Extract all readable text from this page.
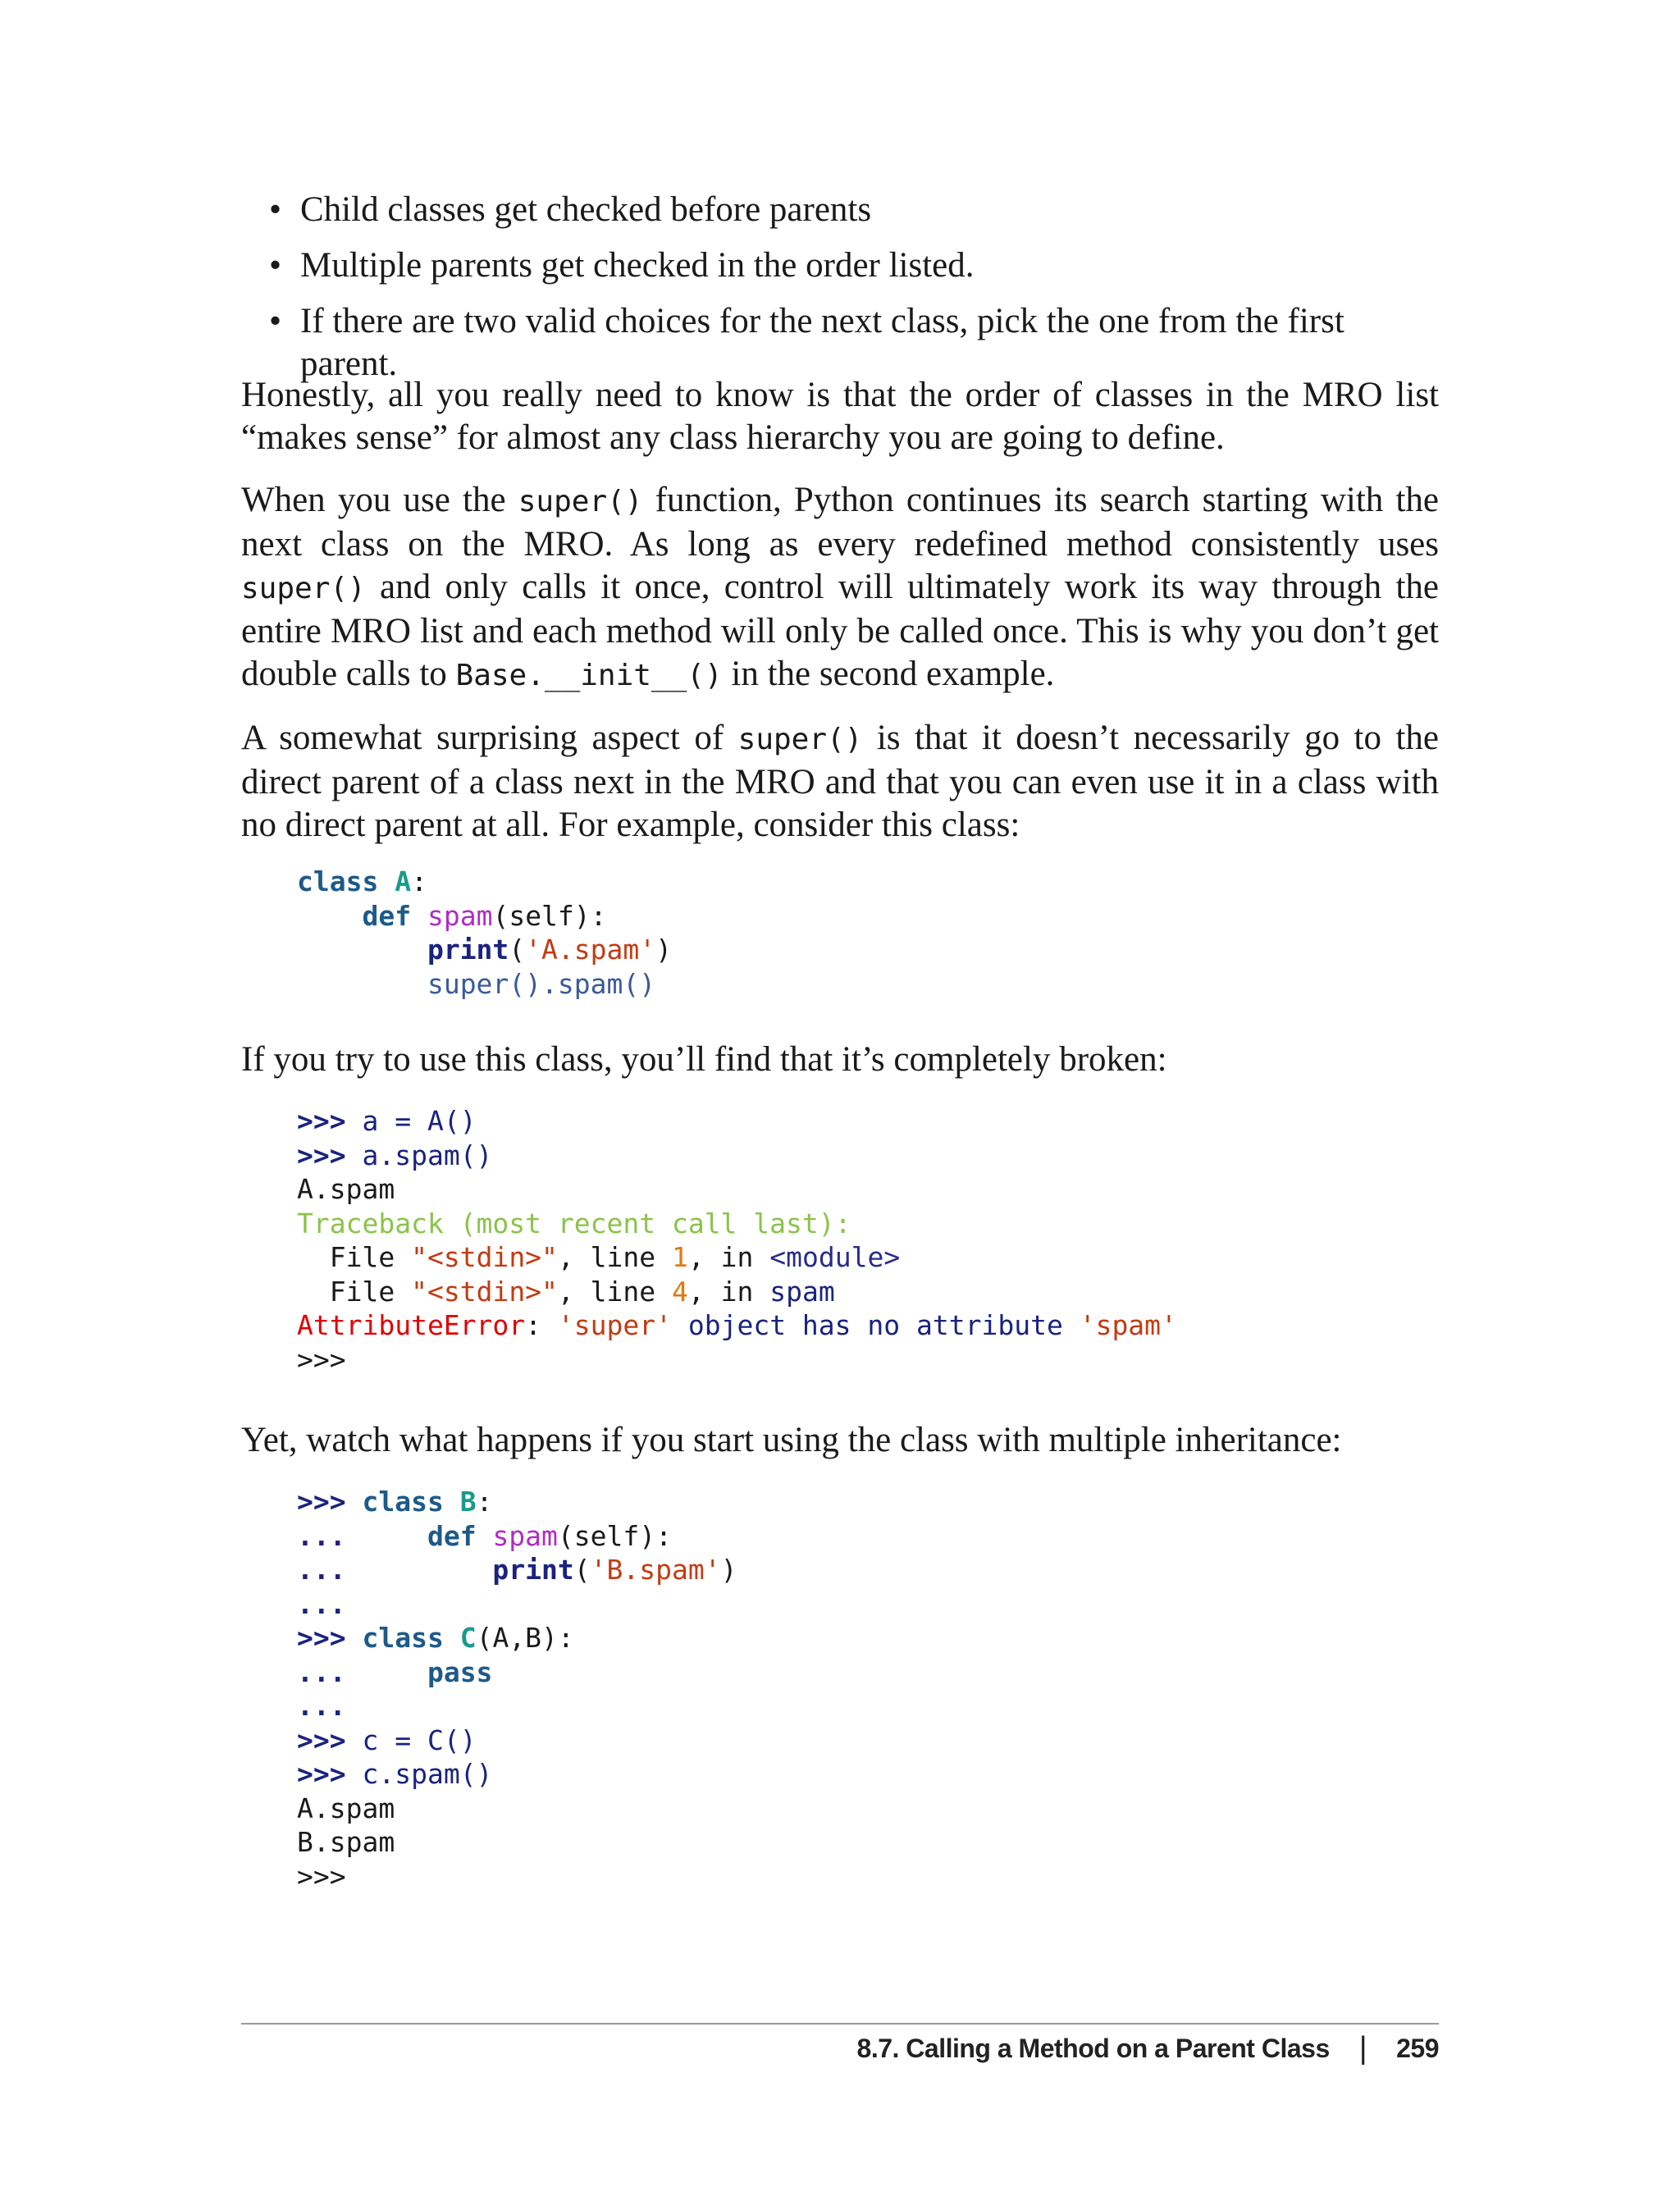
• Child classes get checked before parents
• Multiple parents get checked in the order listed.
• If there are two valid choices for the next class, pick the one from the first parent.

Honestly, all you really need to know is that the order of classes in the MRO list “makes sense” for almost any class hierarchy you are going to define.

When you use the super() function, Python continues its search starting with the next class on the MRO. As long as every redefined method consistently uses super() and only calls it once, control will ultimately work its way through the entire MRO list and each method will only be called once. This is why you don’t get double calls to Base.__init__() in the second example.

A somewhat surprising aspect of super() is that it doesn’t necessarily go to the direct parent of a class next in the MRO and that you can even use it in a class with no direct parent at all. For example, consider this class:

class A:
def spam(self):
print('A.spam')
super().spam()

If you try to use this class, you’ll find that it’s completely broken:

>>> a = A()
>>> a.spam()
A.spam
Traceback (most recent call last):
File "<stdin>", line 1, in <module>
File "<stdin>", line 4, in spam
AttributeError: 'super' object has no attribute 'spam'
>>>

Yet, watch what happens if you start using the class with multiple inheritance:

>>> class B:
...	def spam(self):
...	print('B.spam')
...
>>> class C(A,B):
...	pass
...
>>> c = C()
>>> c.spam()
A.spam
B.spam
>>>
8.7. Calling a Method on a Parent Class | 259
